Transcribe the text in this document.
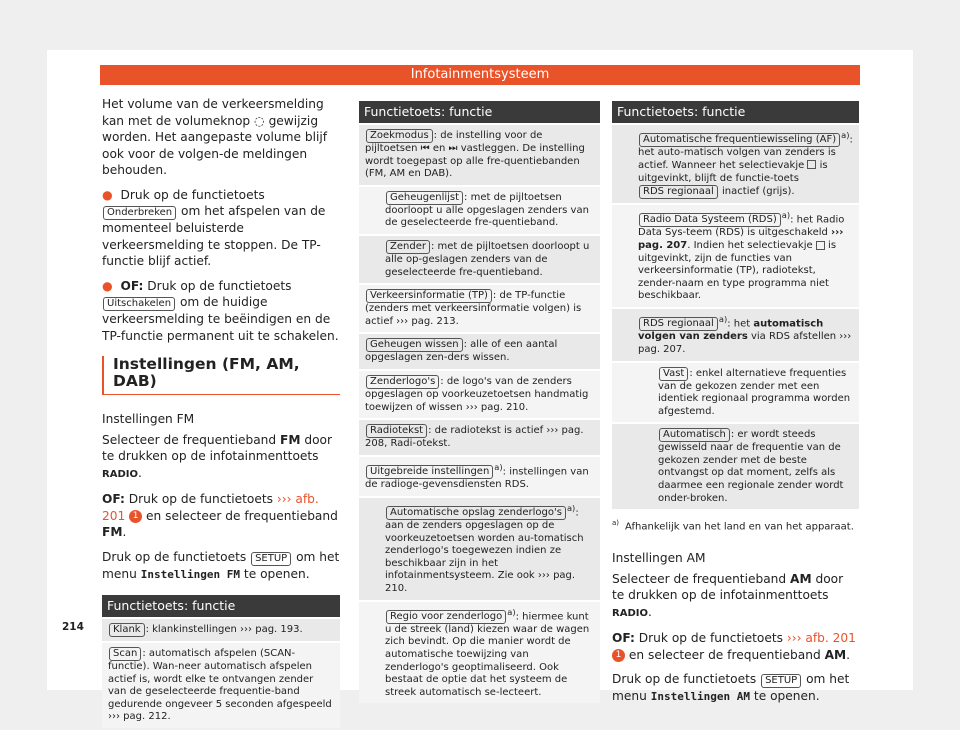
Infotainmentsysteem

Het volume van de verkeersmelding kan met de volumeknop ◌ gewijzig worden. Het aangepaste volume blijf ook voor de volgen-de meldingen behouden.

● Druk op de functietoets Onderbreken om het afspelen van de momenteel beluisterde verkeersmelding te stoppen. De TP-functie blijf actief.

● OF: Druk op de functietoets Uitschakelen om de huidige verkeersmelding te beëindigen en de TP-functie permanent uit te schakelen.

Instellingen (FM, AM, DAB)

Instellingen FM

Selecteer de frequentieband FM door te drukken op de infotainmenttoets RADIO.

OF: Druk op de functietoets ››› afb. 201 1 en selecteer de frequentieband FM.

Druk op de functietoets SETUP om het menu Instellingen FM te openen.

Functietoets: functie
Klank : klankinstellingen ››› pag. 193.
Scan : automatisch afspelen (SCAN-functie). Wan-neer automatisch afspelen actief is, wordt elke te ontvangen zender van de geselecteerde frequentie-band gedurende ongeveer 5 seconden afgespeeld ››› pag. 212.
Functietoets: functie
Zoekmodus : de instelling voor de pijltoetsen ⏮ en ⏭ vastleggen. De instelling wordt toegepast op alle fre-quentiebanden (FM, AM en DAB).
Geheugenlijst : met de pijltoetsen doorloopt u alle opgeslagen zenders van de geselecteerde fre-quentieband.
Zender : met de pijltoetsen doorloopt u alle op-geslagen zenders van de geselecteerde fre-quentieband.
Verkeersinformatie (TP) : de TP-functie (zenders met verkeersinformatie volgen) is actief ››› pag. 213.
Geheugen wissen : alle of een aantal opgeslagen zen-ders wissen.
Zenderlogo's : de logo's van de zenders opgeslagen op voorkeuzetoetsen handmatig toewijzen of wissen ››› pag. 210.
Radiotekst : de radiotekst is actief ››› pag. 208, Radi-otekst.
Uitgebreide instellingen $^{a)}$: instellingen van de radioge-gevensdiensten RDS.
Automatische opslag zenderlogo's $^{a)}$: aan de zenders opgeslagen op de voorkeuzetoetsen worden au-tomatisch zenderlogo's toegewezen indien ze beschikbaar zijn in het infotainmentsysteem. Zie ook ››› pag. 210.
Regio voor zenderlogo $^{a)}$: hiermee kunt u de streek (land) kiezen waar de wagen zich bevindt. Op die manier wordt de automatische toewijzing van zenderlogo's geoptimaliseerd. Ook bestaat de optie dat het systeem de streek automatisch se-lecteert.
Functietoets: functie
Automatische frequentiewisseling (AF) $^{a)}$: het auto-matisch volgen van zenders is actief. Wanneer het selectievakje is uitgevinkt, blijft de functie-toets RDS regionaal inactief (grijs).
Radio Data Systeem (RDS) $^{a)}$: het Radio Data Sys-teem (RDS) is uitgeschakeld ››› pag. 207. Indien het selectievakje is uitgevinkt, zijn de functies van verkeersinformatie (TP), radiotekst, zender-naam en type programma niet beschikbaar.
RDS regionaal $^{a)}$: het automatisch volgen van zenders via RDS afstellen ››› pag. 207.
Vast : enkel alternatieve frequenties van de gekozen zender met een identiek regionaal programma worden afgestemd.
Automatisch : er wordt steeds gewisseld naar de frequentie van de gekozen zender met de beste ontvangst op dat moment, zelfs als daarmee een regionale zender wordt onder-broken.
$^{a)}$ Afhankelijk van het land en van het apparaat.

Instellingen AM

Selecteer de frequentieband AM door te drukken op de infotainmenttoets RADIO.

OF: Druk op de functietoets ››› afb. 201 1 en selecteer de frequentieband AM.

Druk op de functietoets SETUP om het menu Instellingen AM te openen.

214
